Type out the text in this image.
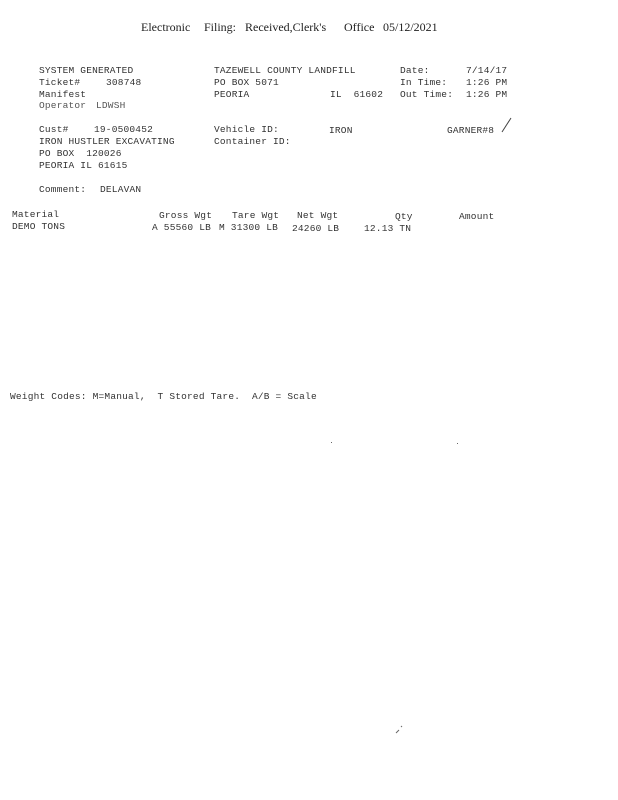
Electronic Filing: Received,Clerk's Office 05/12/2021
SYSTEM GENERATED
Ticket#	308748
Manifest
Operator LDWSH
TAZEWELL COUNTY LANDFILL
PO BOX 5071
PEORIA	IL  61602
Date:	7/14/17
In Time: 1:26 PM
Out Time: 1:26 PM
Cust#	19-0500452
IRON HUSTLER EXCAVATING
PO BOX  120026
PEORIA IL 61615
Vehicle ID:	IRON
Container ID:
GARNER#8
Comment: DELAVAN
Material	Gross Wgt Tare Wgt Net Wgt	Qty	Amount
DEMO TONS	A 55560 LB M 31300 LB 24260 LB	12.13 TN
Weight Codes: M=Manual,  T Stored Tare.  A/B = Scale
